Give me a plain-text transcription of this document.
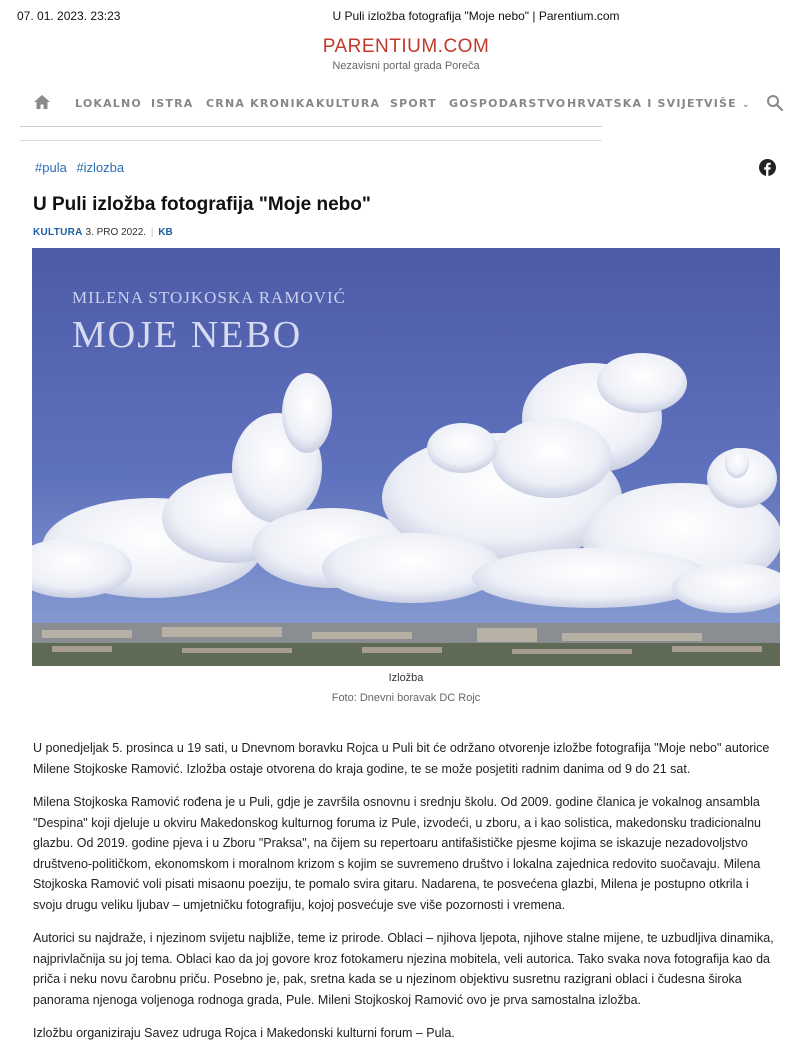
07. 01. 2023. 23:23	U Puli izložba fotografija "Moje nebo" | Parentium.com
PARENTIUM.COM
Nezavisni portal grada Poreča
LOKALNO ISTRA CRNA KRONIKA KULTURA SPORT GOSPODARSTVO HRVATSKA I SVIJET VIŠE ⌄
#pula #izlozba
U Puli izložba fotografija "Moje nebo"
KULTURA 3. PRO 2022. | KB
MILENA STOJKOSKA RAMOVIĆ
MOJE NEBO
Izložba
Foto: Dnevni boravak DC Rojc

U ponedjeljak 5. prosinca u 19 sati, u Dnevnom boravku Rojca u Puli bit će održano otvorenje izložbe fotografija "Moje nebo" autorice Milene Stojkoske Ramović. Izložba ostaje otvorena do kraja godine, te se može posjetiti radnim danima od 9 do 21 sat.

Milena Stojkoska Ramović rođena je u Puli, gdje je završila osnovnu i srednju školu. Od 2009. godine članica je vokalnog ansambla "Despina" koji djeluje u okviru Makedonskog kulturnog foruma iz Pule, izvodeći, u zboru, a i kao solistica, makedonsku tradicionalnu glazbu. Od 2019. godine pjeva i u Zboru "Praksa", na čijem su repertoaru antifašističke pjesme kojima se iskazuje nezadovoljstvo društveno-političkom, ekonomskom i moralnom krizom s kojim se suvremeno društvo i lokalna zajednica redovito suočavaju. Milena Stojkoska Ramović voli pisati misaonu poeziju, te pomalo svira gitaru. Nadarena, te posvećena glazbi, Milena je postupno otkrila i svoju drugu veliku ljubav – umjetničku fotografiju, kojoj posvećuje sve više pozornosti i vremena.

Autorici su najdraže, i njezinom svijetu najbliže, teme iz prirode. Oblaci – njihova ljepota, njihove stalne mijene, te uzbudljiva dinamika, najprivlačnija su joj tema. Oblaci kao da joj govore kroz fotokameru njezina mobitela, veli autorica. Tako svaka nova fotografija kao da priča i neku novu čarobnu priču. Posebno je, pak, sretna kada se u njezinom objektivu susretnu razigrani oblaci i čudesna široka panorama njenoga voljenoga rodnoga grada, Pule. Mileni Stojkoskoj Ramović ovo je prva samostalna izložba.

Izložbu organiziraju Savez udruga Rojca i Makedonski kulturni forum – Pula.
